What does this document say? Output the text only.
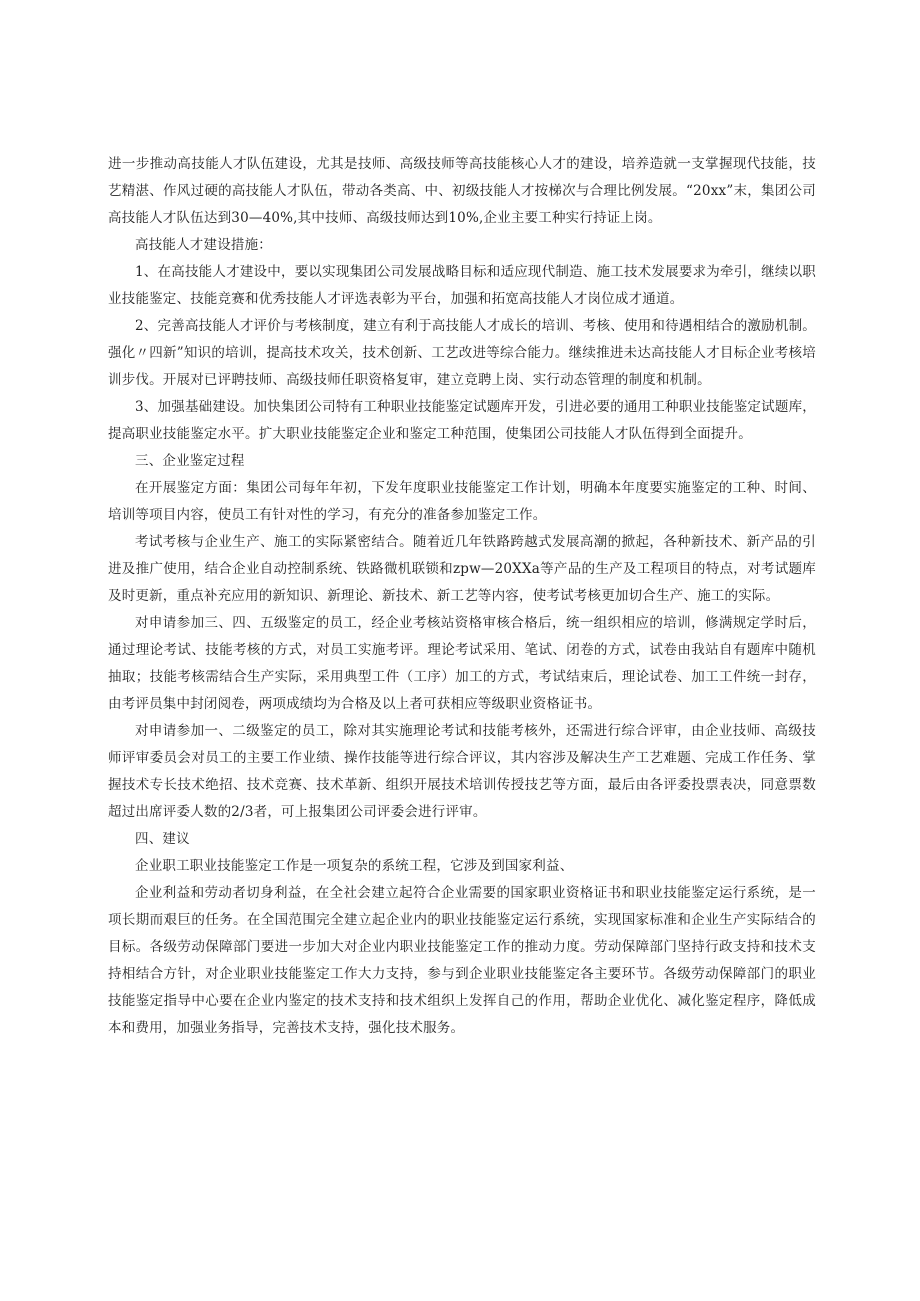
进一步推动高技能人才队伍建设，尤其是技师、高级技师等高技能核心人才的建设，培养造就一支掌握现代技能，技艺精湛、作风过硬的高技能人才队伍，带动各类高、中、初级技能人才按梯次与合理比例发展。“20xx”末，集团公司高技能人才队伍达到30—40%,其中技师、高级技师达到10%,企业主要工种实行持证上岗。

高技能人才建设措施：

1、在高技能人才建设中，要以实现集团公司发展战略目标和适应现代制造、施工技术发展要求为牵引，继续以职业技能鉴定、技能竞赛和优秀技能人才评选表彰为平台，加强和拓宽高技能人才岗位成才通道。

2、完善高技能人才评价与考核制度，建立有利于高技能人才成长的培训、考核、使用和待遇相结合的激励机制。强化〃四新”知识的培训，提高技术攻关，技术创新、工艺改进等综合能力。继续推进未达高技能人才目标企业考核培训步伐。开展对已评聘技师、高级技师任职资格复审，建立竞聘上岗、实行动态管理的制度和机制。

3、加强基础建设。加快集团公司特有工种职业技能鉴定试题库开发，引进必要的通用工种职业技能鉴定试题库，提高职业技能鉴定水平。扩大职业技能鉴定企业和鉴定工种范围，使集团公司技能人才队伍得到全面提升。

三、企业鉴定过程

在开展鉴定方面：集团公司每年年初，下发年度职业技能鉴定工作计划，明确本年度要实施鉴定的工种、时间、培训等项目内容，使员工有针对性的学习，有充分的准备参加鉴定工作。

考试考核与企业生产、施工的实际紧密结合。随着近几年铁路跨越式发展高潮的掀起，各种新技术、新产品的引进及推广使用，结合企业自动控制系统、铁路微机联锁和zpw—20XXa等产品的生产及工程项目的特点，对考试题库及时更新，重点补充应用的新知识、新理论、新技术、新工艺等内容，使考试考核更加切合生产、施工的实际。

对申请参加三、四、五级鉴定的员工，经企业考核站资格审核合格后，统一组织相应的培训，修满规定学时后，通过理论考试、技能考核的方式，对员工实施考评。理论考试采用、笔试、闭卷的方式，试卷由我站自有题库中随机抽取；技能考核需结合生产实际，采用典型工件（工序）加工的方式，考试结束后，理论试卷、加工工件统一封存，由考评员集中封闭阅卷，两项成绩均为合格及以上者可获相应等级职业资格证书。

对申请参加一、二级鉴定的员工，除对其实施理论考试和技能考核外，还需进行综合评审，由企业技师、高级技师评审委员会对员工的主要工作业绩、操作技能等进行综合评议，其内容涉及解决生产工艺难题、完成工作任务、掌握技术专长技术绝招、技术竞赛、技术革新、组织开展技术培训传授技艺等方面，最后由各评委投票表决，同意票数超过出席评委人数的2/3者，可上报集团公司评委会进行评审。

四、建议

企业职工职业技能鉴定工作是一项复杂的系统工程，它涉及到国家利益、

企业利益和劳动者切身利益，在全社会建立起符合企业需要的国家职业资格证书和职业技能鉴定运行系统，是一项长期而艰巨的任务。在全国范围完全建立起企业内的职业技能鉴定运行系统，实现国家标准和企业生产实际结合的目标。各级劳动保障部门要进一步加大对企业内职业技能鉴定工作的推动力度。劳动保障部门坚持行政支持和技术支持相结合方针，对企业职业技能鉴定工作大力支持，参与到企业职业技能鉴定各主要环节。各级劳动保障部门的职业技能鉴定指导中心要在企业内鉴定的技术支持和技术组织上发挥自己的作用，帮助企业优化、减化鉴定程序，降低成本和费用，加强业务指导，完善技术支持，强化技术服务。
